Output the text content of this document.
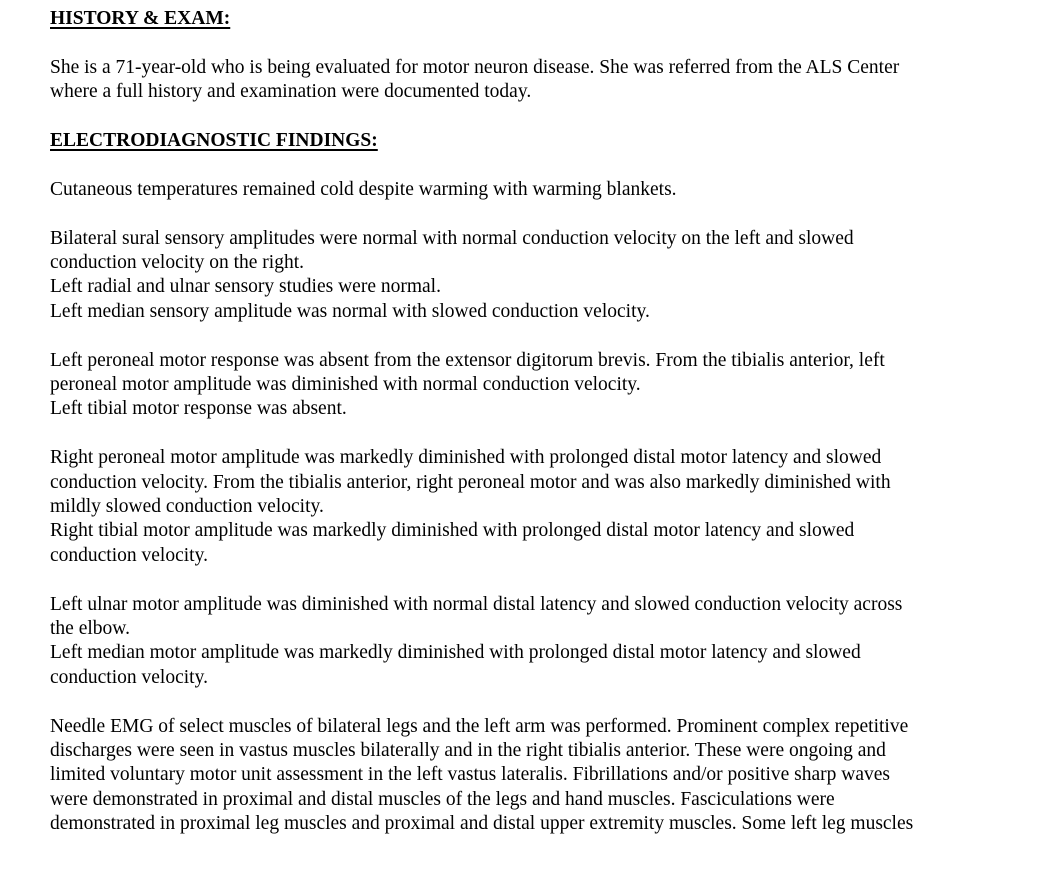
HISTORY & EXAM:

She is a 71-year-old who is being evaluated for motor neuron disease. She was referred from the ALS Center
where a full history and examination were documented today.

ELECTRODIAGNOSTIC FINDINGS:

Cutaneous temperatures remained cold despite warming with warming blankets.

Bilateral sural sensory amplitudes were normal with normal conduction velocity on the left and slowed
conduction velocity on the right.
Left radial and ulnar sensory studies were normal.
Left median sensory amplitude was normal with slowed conduction velocity.

Left peroneal motor response was absent from the extensor digitorum brevis. From the tibialis anterior, left
peroneal motor amplitude was diminished with normal conduction velocity.
Left tibial motor response was absent.

Right peroneal motor amplitude was markedly diminished with prolonged distal motor latency and slowed
conduction velocity. From the tibialis anterior, right peroneal motor and was also markedly diminished with
mildly slowed conduction velocity.
Right tibial motor amplitude was markedly diminished with prolonged distal motor latency and slowed
conduction velocity.

Left ulnar motor amplitude was diminished with normal distal latency and slowed conduction velocity across
the elbow.
Left median motor amplitude was markedly diminished with prolonged distal motor latency and slowed
conduction velocity.

Needle EMG of select muscles of bilateral legs and the left arm was performed. Prominent complex repetitive
discharges were seen in vastus muscles bilaterally and in the right tibialis anterior. These were ongoing and
limited voluntary motor unit assessment in the left vastus lateralis. Fibrillations and/or positive sharp waves
were demonstrated in proximal and distal muscles of the legs and hand muscles. Fasciculations were
demonstrated in proximal leg muscles and proximal and distal upper extremity muscles. Some left leg muscles
